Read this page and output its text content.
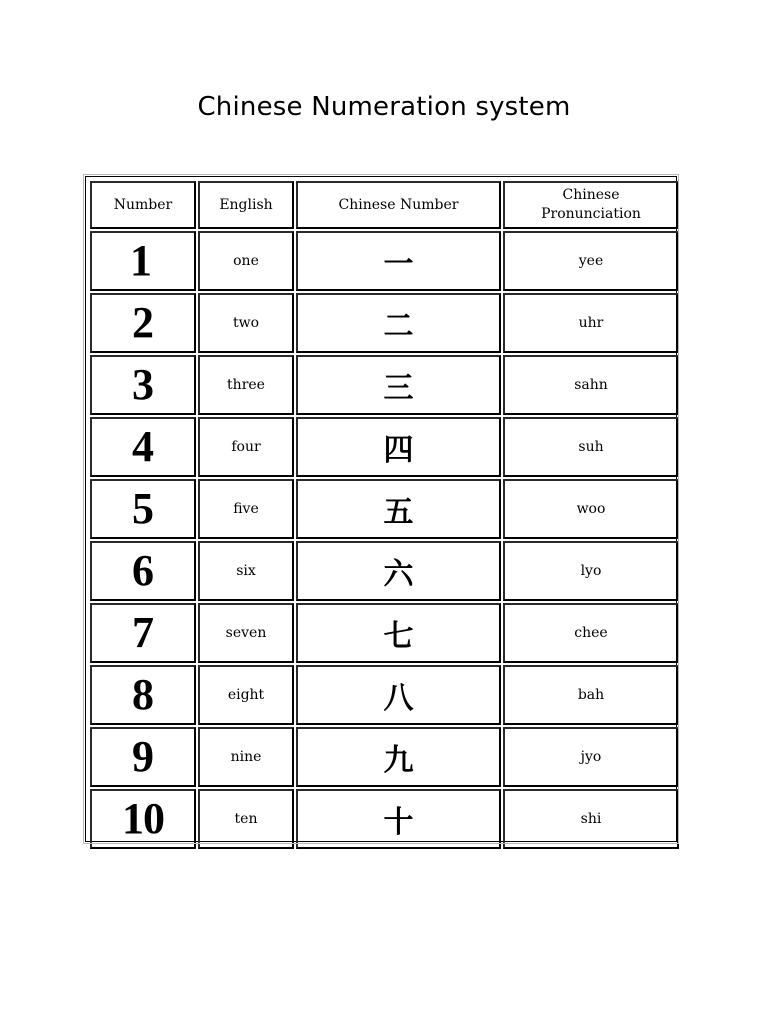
Chinese Numeration system
Number	English	Chinese Number	Chinese
Pronunciation
1	one	一	yee
2	two	二	uhr
3	three	三	sahn
4	four	四	suh
5	five	五	woo
6	six	六	lyo
7	seven	七	chee
8	eight	八	bah
9	nine	九	jyo
10	ten	十	shi
